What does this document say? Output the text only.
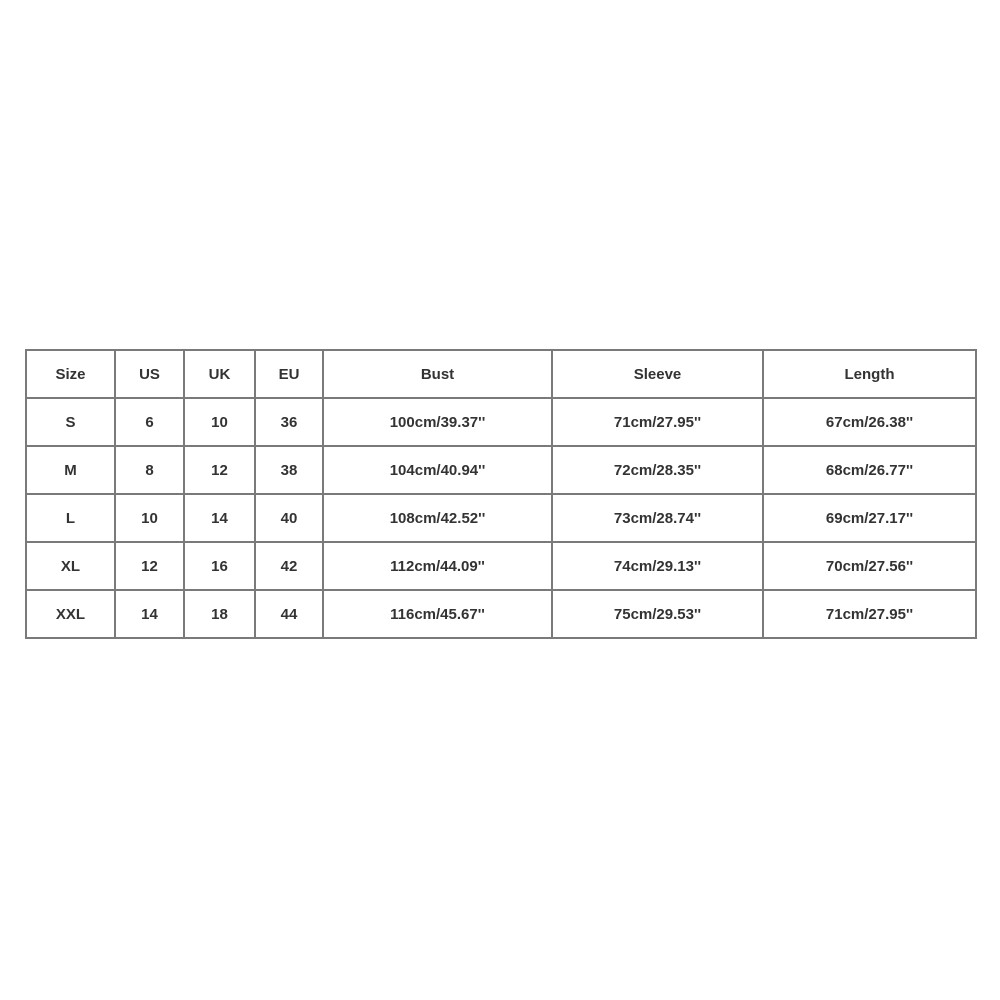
Size	US	UK	EU	Bust	Sleeve	Length
S	6	10	36	100cm/39.37''	71cm/27.95''	67cm/26.38''
M	8	12	38	104cm/40.94''	72cm/28.35''	68cm/26.77''
L	10	14	40	108cm/42.52''	73cm/28.74''	69cm/27.17''
XL	12	16	42	112cm/44.09''	74cm/29.13''	70cm/27.56''
XXL	14	18	44	116cm/45.67''	75cm/29.53''	71cm/27.95''
